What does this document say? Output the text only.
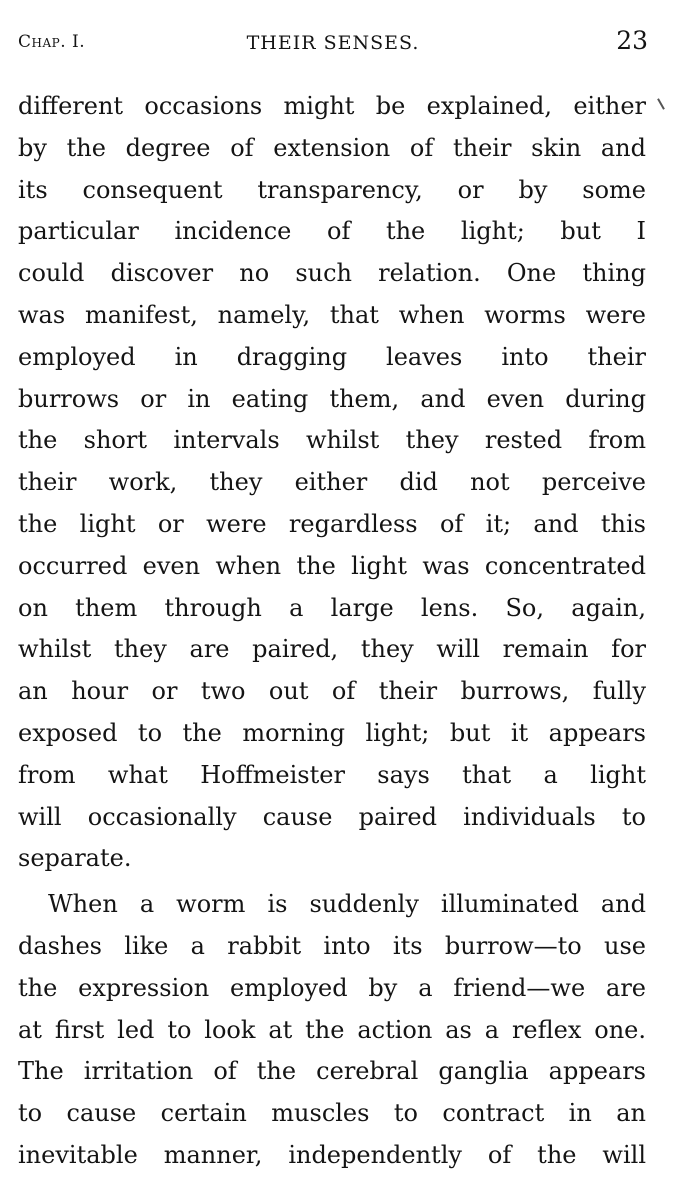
Chap. I.	THEIR SENSES.	23
different occasions might be explained, either
by the degree of extension of their skin and
its consequent transparency, or by some
particular incidence of the light; but I
could discover no such relation. One thing
was manifest, namely, that when worms were
employed in dragging leaves into their
burrows or in eating them, and even during
the short intervals whilst they rested from
their work, they either did not perceive
the light or were regardless of it; and this
occurred even when the light was concentrated
on them through a large lens. So, again,
whilst they are paired, they will remain for
an hour or two out of their burrows, fully
exposed to the morning light; but it appears
from what Hoffmeister says that a light
will occasionally cause paired individuals to
separate.
When a worm is suddenly illuminated and
dashes like a rabbit into its burrow—to use
the expression employed by a friend—we are
at first led to look at the action as a reflex one.
The irritation of the cerebral ganglia appears
to cause certain muscles to contract in an
inevitable manner, independently of the will
